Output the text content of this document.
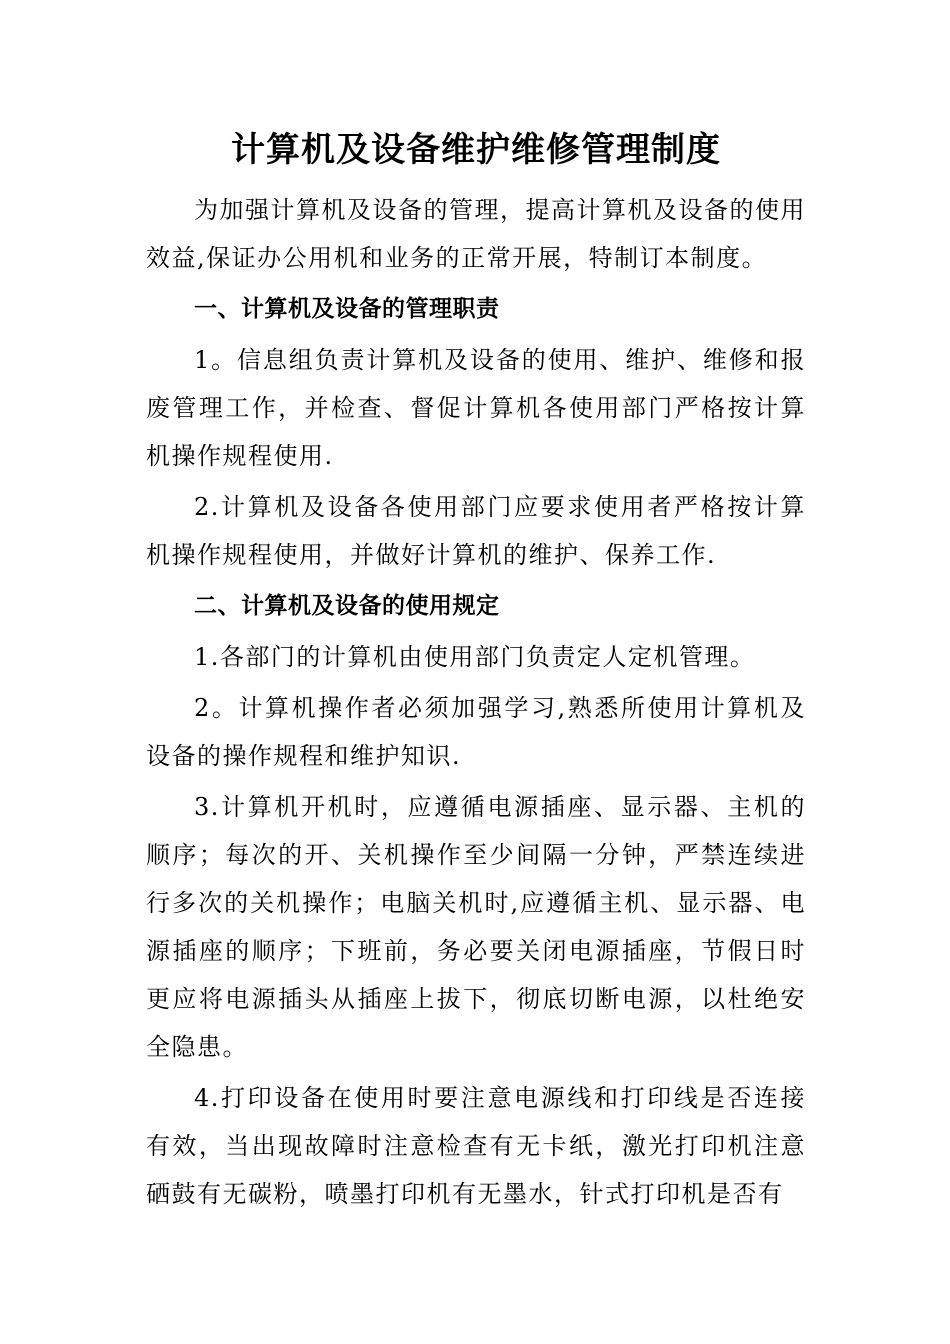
计算机及设备维护维修管理制度

为加强计算机及设备的管理，提高计算机及设备的使用效益,保证办公用机和业务的正常开展，特制订本制度。

一、计算机及设备的管理职责

1。信息组负责计算机及设备的使用、维护、维修和报废管理工作，并检查、督促计算机各使用部门严格按计算机操作规程使用.

2.计算机及设备各使用部门应要求使用者严格按计算机操作规程使用，并做好计算机的维护、保养工作.

二、计算机及设备的使用规定

1.各部门的计算机由使用部门负责定人定机管理。

2。计算机操作者必须加强学习,熟悉所使用计算机及设备的操作规程和维护知识.

3.计算机开机时，应遵循电源插座、显示器、主机的顺序；每次的开、关机操作至少间隔一分钟，严禁连续进行多次的关机操作；电脑关机时,应遵循主机、显示器、电源插座的顺序；下班前，务必要关闭电源插座，节假日时更应将电源插头从插座上拔下，彻底切断电源，以杜绝安全隐患。

4.打印设备在使用时要注意电源线和打印线是否连接有效，当出现故障时注意检查有无卡纸，激光打印机注意硒鼓有无碳粉，喷墨打印机有无墨水，针式打印机是否有
